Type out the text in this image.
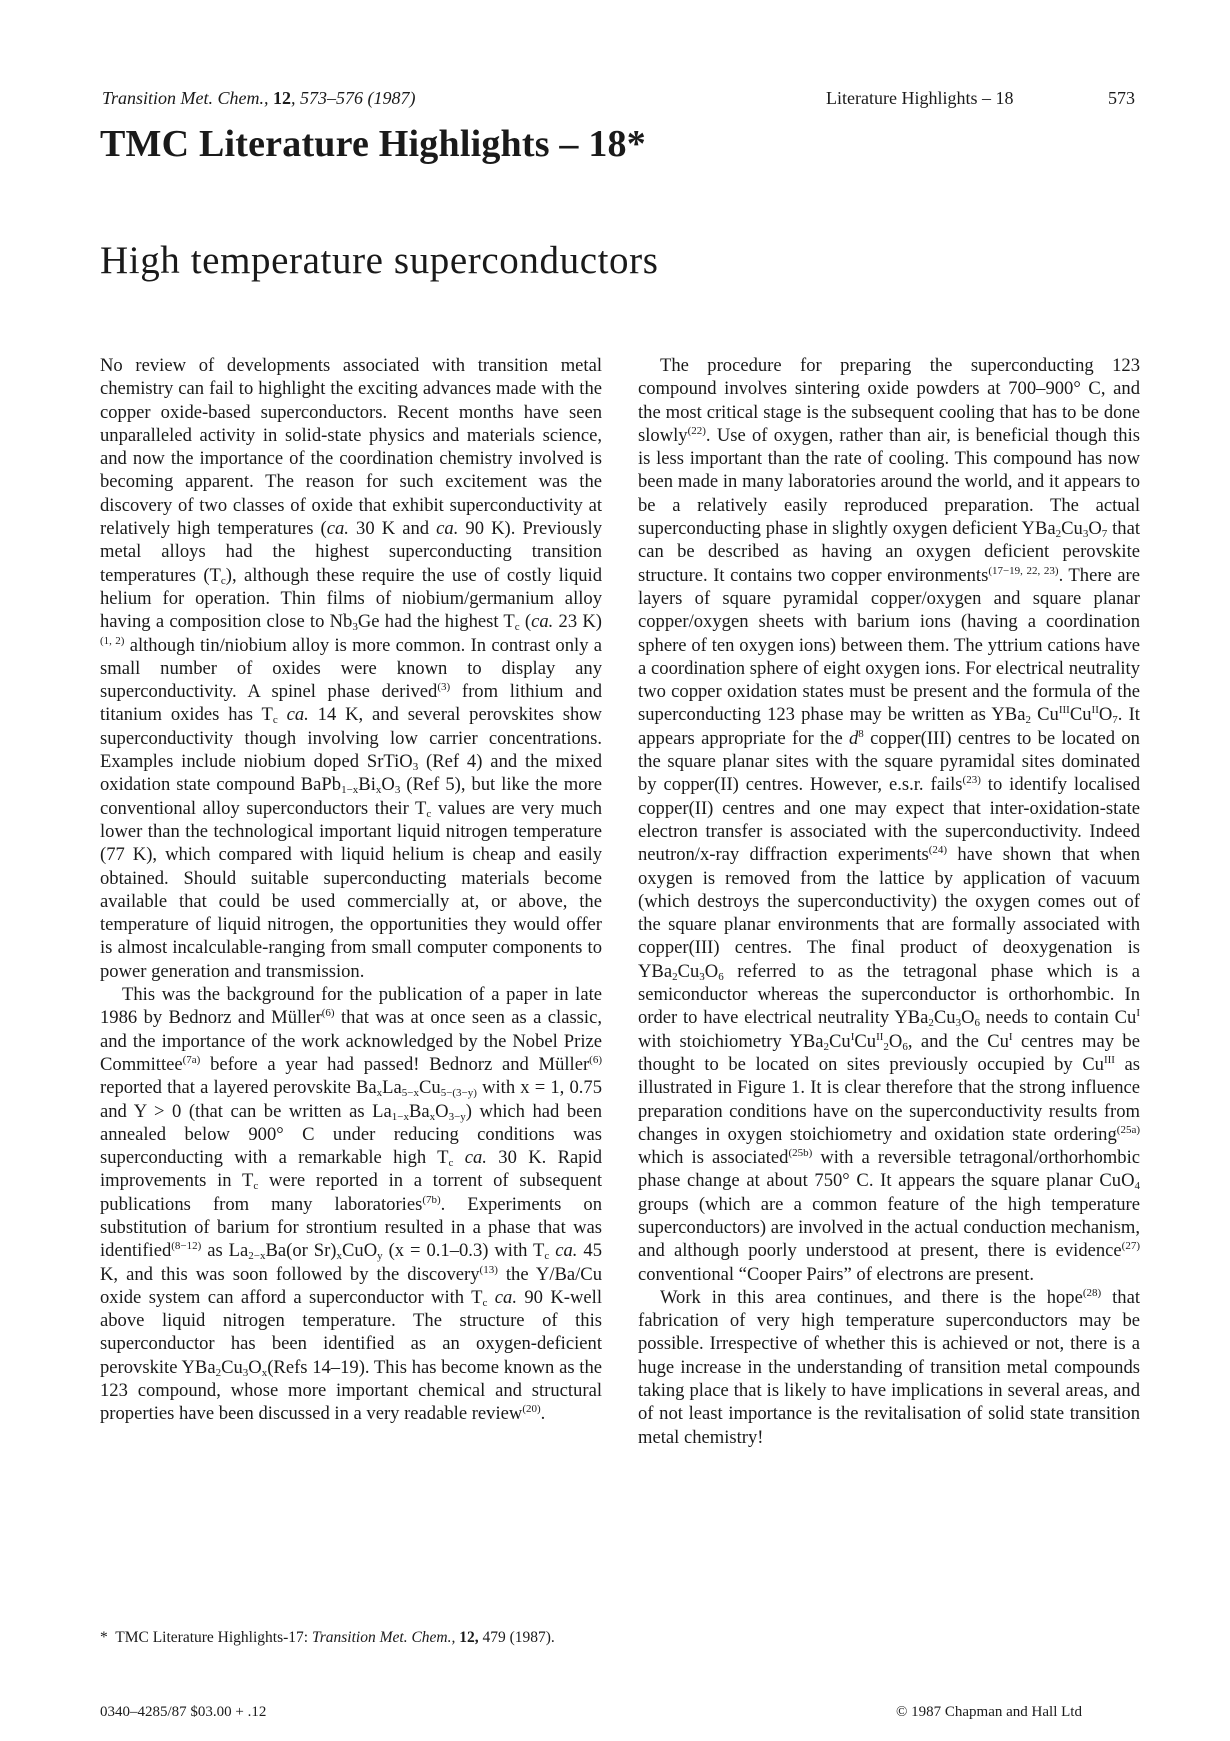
Transition Met. Chem., 12, 573–576 (1987)	Literature Highlights – 18	573
TMC Literature Highlights – 18*
High temperature superconductors

No review of developments associated with transition metal chemistry can fail to highlight the exciting advances made with the copper oxide-based superconductors. Recent months have seen unparalleled activity in solid-state physics and materials science, and now the importance of the coordination chemistry involved is becoming apparent. The reason for such excitement was the discovery of two classes of oxide that exhibit superconductivity at relatively high temperatures (ca. 30 K and ca. 90 K). Previously metal alloys had the highest superconducting transition temperatures $(T_c)$, although these require the use of costly liquid helium for operation. Thin films of niobium/germanium alloy having a composition close to $Nb_3Ge$ had the highest $T_c$ (ca. 23 K)$^{(1, 2)}$ although tin/niobium alloy is more common. In contrast only a small number of oxides were known to display any superconductivity. A spinel phase derived$^{(3)}$ from lithium and titanium oxides has $T_c$ ca. 14 K, and several perovskites show superconductivity though involving low carrier concentrations. Examples include niobium doped SrTiO$_3$ (Ref 4) and the mixed oxidation state compound $BaPb_{1-x}Bi_xO_3$ (Ref 5), but like the more conventional alloy superconductors their $T_c$ values are very much lower than the technological important liquid nitrogen temperature (77 K), which compared with liquid helium is cheap and easily obtained. Should suitable superconducting materials become available that could be used commercially at, or above, the temperature of liquid nitrogen, the opportunities they would offer is almost incalculable-ranging from small computer components to power generation and transmission.

This was the background for the publication of a paper in late 1986 by Bednorz and Müller$^{(6)}$ that was at once seen as a classic, and the importance of the work acknowledged by the Nobel Prize Committee$^{(7a)}$ before a year had passed! Bednorz and Müller$^{(6)}$ reported that a layered perovskite $Ba_xLa_{5-x}Cu_{5-(3-y)}$ with x = 1, 0.75 and Y > 0 (that can be written as $La_{1-x}Ba_xO_{3-y}$) which had been annealed below 900° C under reducing conditions was superconducting with a remarkable high $T_c$ ca. 30 K. Rapid improvements in $T_c$ were reported in a torrent of subsequent publications from many laboratories$^{(7b)}$. Experiments on substitution of barium for strontium resulted in a phase that was identified$^{(8-12)}$ as $La_{2-x}Ba(or$ $Sr)_xCuO_y$ (x = 0.1–0.3) with $T_c$ ca. 45 K, and this was soon followed by the discovery$^{(13)}$ the Y/Ba/Cu oxide system can afford a superconductor with $T_c$ ca. 90 K-well above liquid nitrogen temperature. The structure of this superconductor has been identified as an oxygen-deficient perovskite $YBa_2Cu_3O_x(Refs$ 14–19). This has become known as the 123 compound, whose more important chemical and structural properties have been discussed in a very readable review$^{(20)}$.

The procedure for preparing the superconducting 123 compound involves sintering oxide powders at 700–900° C, and the most critical stage is the subsequent cooling that has to be done slowly$^{(22)}$. Use of oxygen, rather than air, is beneficial though this is less important than the rate of cooling. This compound has now been made in many laboratories around the world, and it appears to be a relatively easily reproduced preparation. The actual superconducting phase in slightly oxygen deficient $YBa_2Cu_3O_7$ that can be described as having an oxygen deficient perovskite structure. It contains two copper environments$^{(17-19, 22, 23)}$. There are layers of square pyramidal copper/oxygen and square planar copper/oxygen sheets with barium ions (having a coordination sphere of ten oxygen ions) between them. The yttrium cations have a coordination sphere of eight oxygen ions. For electrical neutrality two copper oxidation states must be present and the formula of the superconducting 123 phase may be written as YBa$_2$ $Cu^{III}Cu^{II}O_7$. It appears appropriate for the $d^8$ copper(III) centres to be located on the square planar sites with the square pyramidal sites dominated by copper(II) centres. However, e.s.r. fails$^{(23)}$ to identify localised copper(II) centres and one may expect that inter-oxidation-state electron transfer is associated with the superconductivity. Indeed neutron/x-ray diffraction experiments$^{(24)}$ have shown that when oxygen is removed from the lattice by application of vacuum (which destroys the superconductivity) the oxygen comes out of the square planar environments that are formally associated with copper(III) centres. The final product of deoxygenation is $YBa_2Cu_3O_6$ referred to as the tetragonal phase which is a semiconductor whereas the superconductor is orthorhombic. In order to have electrical neutrality $YBa_2Cu_3O_6$ needs to contain $Cu^I$ with stoichiometry $YBa_2Cu^ICu^{II}_2O_6$, and the $Cu^I$ centres may be thought to be located on sites previously occupied by $Cu^{III}$ as illustrated in Figure 1. It is clear therefore that the strong influence preparation conditions have on the superconductivity results from changes in oxygen stoichiometry and oxidation state ordering$^{(25a)}$ which is associated$^{(25b)}$ with a reversible tetragonal/orthorhombic phase change at about 750° C. It appears the square planar CuO$_4$ groups (which are a common feature of the high temperature superconductors) are involved in the actual conduction mechanism, and although poorly understood at present, there is evidence$^{(27)}$ conventional “Cooper Pairs” of electrons are present.

Work in this area continues, and there is the hope$^{(28)}$ that fabrication of very high temperature superconductors may be possible. Irrespective of whether this is achieved or not, there is a huge increase in the understanding of transition metal compounds taking place that is likely to have implications in several areas, and of not least importance is the revitalisation of solid state transition metal chemistry!

* TMC Literature Highlights-17: Transition Met. Chem., 12, 479 (1987).
0340–4285/87 $03.00 + .12	© 1987 Chapman and Hall Ltd
